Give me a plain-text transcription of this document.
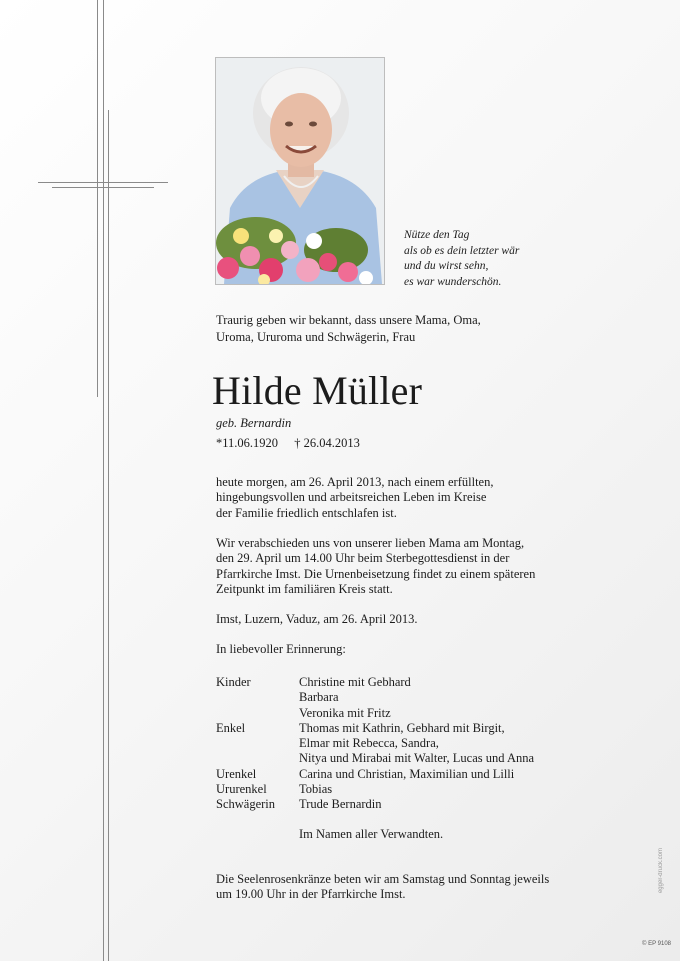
Nütze den Tag
als ob es dein letzter wär
und du wirst sehn,
es war wunderschön.
Traurig geben wir bekannt, dass unsere Mama, Oma,
Uroma, Ururoma und Schwägerin, Frau
Hilde Müller
geb. Bernardin
*11.06.1920 † 26.04.2013
heute morgen, am 26. April 2013, nach einem erfüllten,
hingebungsvollen und arbeitsreichen Leben im Kreise
der Familie friedlich entschlafen ist.
Wir verabschieden uns von unserer lieben Mama am Montag,
den 29. April um 14.00 Uhr beim Sterbegottesdienst in der
Pfarrkirche Imst. Die Urnenbeisetzung findet zu einem späteren
Zeitpunkt im familiären Kreis statt.
Imst, Luzern, Vaduz, am 26. April 2013.
In liebevoller Erinnerung:
Kinder	Christine mit Gebhard
Barbara
Veronika mit Fritz
Enkel	Thomas mit Kathrin, Gebhard mit Birgit,
Elmar mit Rebecca, Sandra,
Nitya und Mirabai mit Walter, Lucas und Anna
Urenkel	Carina und Christian, Maximilian und Lilli
Ururenkel	Tobias
Schwägerin	Trude Bernardin
Im Namen aller Verwandten.
Die Seelenrosenkränze beten wir am Samstag und Sonntag jeweils
um 19.00 Uhr in der Pfarrkirche Imst.
egger-druck.com
© EP 9108
